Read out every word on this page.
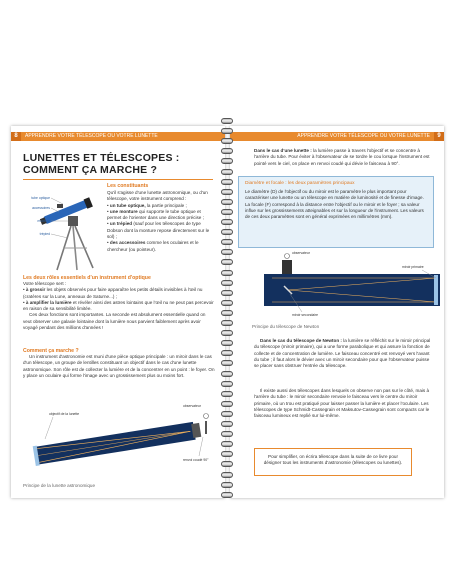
8	APPRENDRE VOTRE TÉLESCOPE OU VOTRE LUNETTE
LUNETTES ET TÉLESCOPES :
COMMENT ÇA MARCHE ?
tube optique
accessoires
monture
trépied
Les constituants
Qu'il s'agisse d'une lunette astronomique, ou d'un télescope, votre instrument comprend :
• un tube optique, la partie principale ;
• une monture qui supporte le tube optique et permet de l'orienter dans une direction précise ;
• un trépied (sauf pour les télescopes de type Dobson dont la monture repose directement sur le sol) ;
• des accessoires comme les oculaires et le chercheur (ou pointeur).
Les deux rôles essentiels d'un instrument d'optique
Votre télescope sert :
• à grossir les objets observés pour faire apparaître les petits détails invisibles à l'œil nu (cratères sur la Lune, anneaux de Saturne...) ;
• à amplifier la lumière et révéler ainsi des astres lointains que l'œil nu ne peut pas percevoir en raison de sa sensibilité limitée.
Ces deux fonctions sont importantes. La seconde est absolument essentielle quand on veut observer une galaxie lointaine dont la lumière nous parvient faiblement après avoir voyagé pendant des millions d'années !
Comment ça marche ?
Un instrument d'astronomie est muni d'une pièce optique principale : un miroir dans le cas d'un télescope, un groupe de lentilles constituant un objectif dans le cas d'une lunette astronomique. Son rôle est de collecter la lumière et de la concentrer en un point : le foyer. On y place un oculaire qui forme l'image avec un grossissement plus ou moins fort.
objectif de la lunette
observateur
renvoi coudé 90°
Principe de la lunette astronomique
APPRENDRE VOTRE TÉLESCOPE OU VOTRE LUNETTE	9
Dans le cas d'une lunette : la lumière passe à travers l'objectif et se concentre à l'arrière du tube. Pour éviter à l'observateur de se tordre le cou lorsque l'instrument est pointé vers le ciel, on place en renvoi coudé qui dévie le faisceau à 90°.
Diamètre et focale : les deux paramètres principaux
Le diamètre (D) de l'objectif ou du miroir est le paramètre le plus important pour caractériser une lunette ou un télescope en matière de luminosité et de finesse d'image. La focale (F) correspond à la distance entre l'objectif ou le miroir et le foyer ; sa valeur influe sur les grossissements atteignables et sur la longueur de l'instrument. Les valeurs de ces deux paramètres sont en général exprimées en millimètres (mm).
observateur
miroir primaire
miroir secondaire
Principe du télescope de Newton
Dans le cas du télescope de Newton : la lumière se réfléchit sur le miroir principal du télescope (miroir primaire), qui a une forme parabolique et qui assure la fonction de collecte et de concentration de lumière. Le faisceau concentré est renvoyé vers l'avant du tube ; il faut alors le dévier avec un miroir secondaire pour que l'observateur puisse se placer sans obstruer l'entrée du télescope.
Il existe aussi des télescopes dans lesquels on observe non pas sur le côté, mais à l'arrière du tube : le miroir secondaire renvoie le faisceau vers le centre du miroir primaire, où un trou est pratiqué pour laisser passer la lumière et placer l'oculaire. Les télescopes de type Schmidt-Cassegrain et Maksutov-Cassegrain sont compacts car le faisceau lumineux est replié sur lui-même.
Pour simplifier, on écrira télescope dans la suite de ce livre pour désigner tous les instruments d'astronomie (télescopes ou lunettes).
